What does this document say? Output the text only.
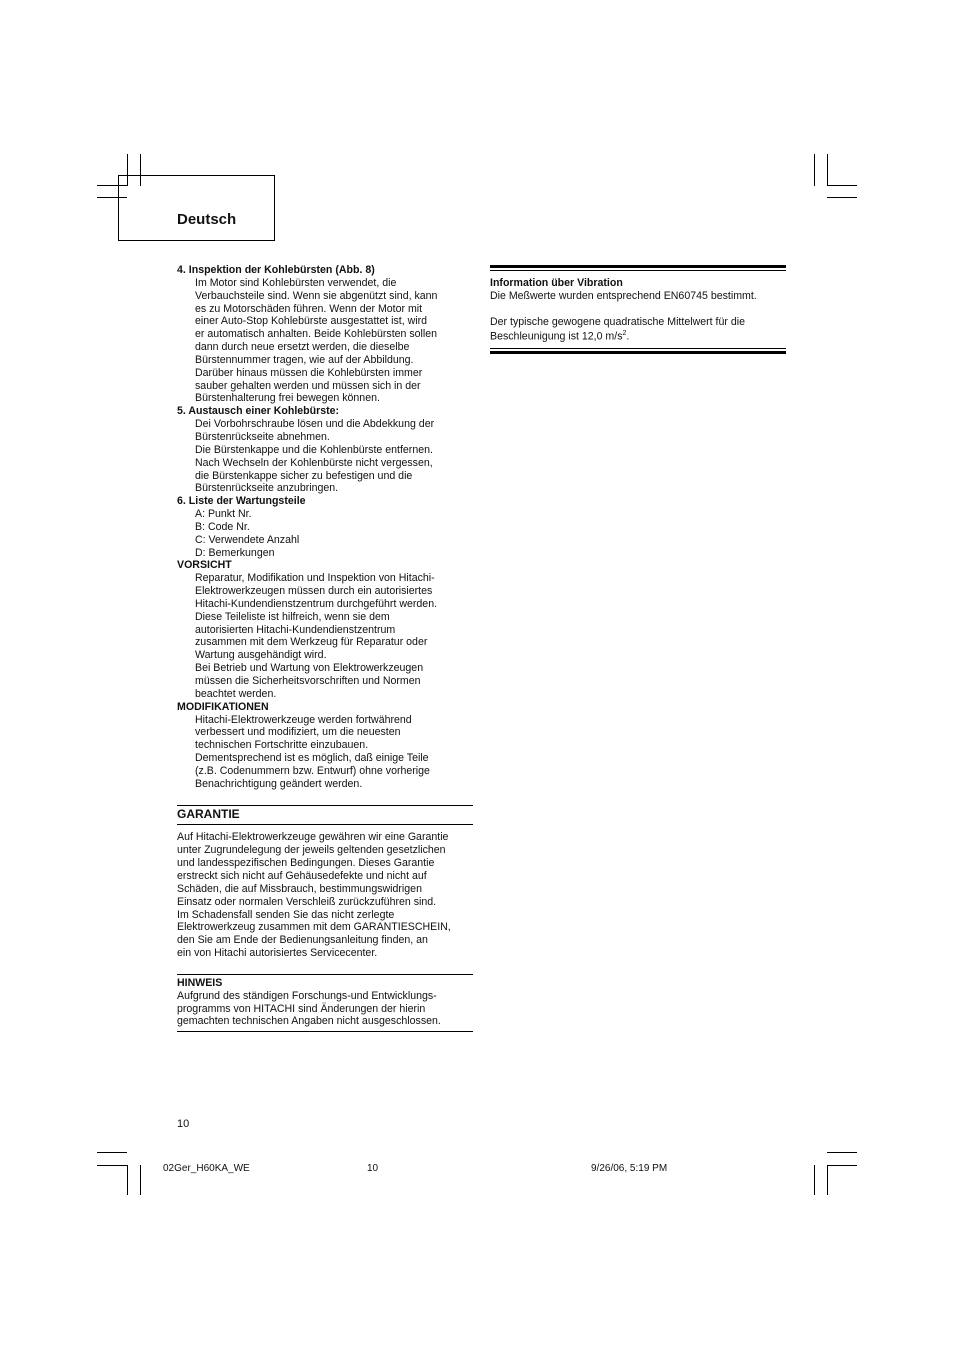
Deutsch
4. Inspektion der Kohlebürsten (Abb. 8)

Im Motor sind Kohlebürsten verwendet, die

Verbauchsteile sind. Wenn sie abgenützt sind, kann

es zu Motorschäden führen. Wenn der Motor mit

einer Auto-Stop Kohlebürste ausgestattet ist, wird

er automatisch anhalten. Beide Kohlebürsten sollen

dann durch neue ersetzt werden, die dieselbe

Bürstennummer tragen, wie auf der Abbildung.

Darüber hinaus müssen die Kohlebürsten immer

sauber gehalten werden und müssen sich in der

Bürstenhalterung frei bewegen können.

5. Austausch einer Kohlebürste:

Dei Vorbohrschraube lösen und die Abdekkung der

Bürstenrückseite abnehmen.

Die Bürstenkappe und die Kohlenbürste entfernen.

Nach Wechseln der Kohlenbürste nicht vergessen,

die Bürstenkappe sicher zu befestigen und die

Bürstenrückseite anzubringen.

6. Liste der Wartungsteile

A: Punkt Nr.

B: Code Nr.

C: Verwendete Anzahl

D: Bemerkungen

VORSICHT

Reparatur, Modifikation und Inspektion von Hitachi-

Elektrowerkzeugen müssen durch ein autorisiertes

Hitachi-Kundendienstzentrum durchgeführt werden.

Diese Teileliste ist hilfreich, wenn sie dem

autorisierten Hitachi-Kundendienstzentrum

zusammen mit dem Werkzeug für Reparatur oder

Wartung ausgehändigt wird.

Bei Betrieb und Wartung von Elektrowerkzeugen

müssen die Sicherheitsvorschriften und Normen

beachtet werden.

MODIFIKATIONEN

Hitachi-Elektrowerkzeuge werden fortwährend

verbessert und modifiziert, um die neuesten

technischen Fortschritte einzubauen.

Dementsprechend ist es möglich, daß einige Teile

(z.B. Codenummern bzw. Entwurf) ohne vorherige

Benachrichtigung geändert werden.

GARANTIE

Auf Hitachi-Elektrowerkzeuge gewähren wir eine Garantie

unter Zugrundelegung der jeweils geltenden gesetzlichen

und landesspezifischen Bedingungen. Dieses Garantie

erstreckt sich nicht auf Gehäusedefekte und nicht auf

Schäden, die auf Missbrauch, bestimmungswidrigen

Einsatz oder normalen Verschleiß zurückzuführen sind.

Im Schadensfall senden Sie das nicht zerlegte

Elektrowerkzeug zusammen mit dem GARANTIESCHEIN,

den Sie am Ende der Bedienungsanleitung finden, an

ein von Hitachi autorisiertes Servicecenter.

HINWEIS

Aufgrund des ständigen Forschungs-und Entwicklungs-

programms von HITACHI sind Änderungen der hierin

gemachten technischen Angaben nicht ausgeschlossen.

Information über Vibration

Die Meßwerte wurden entsprechend EN60745 bestimmt.

Der typische gewogene quadratische Mittelwert für die

Beschleunigung ist 12,0 $m/s^2$.

10
02Ger_H60KA_WE	10	9/26/06, 5:19 PM
